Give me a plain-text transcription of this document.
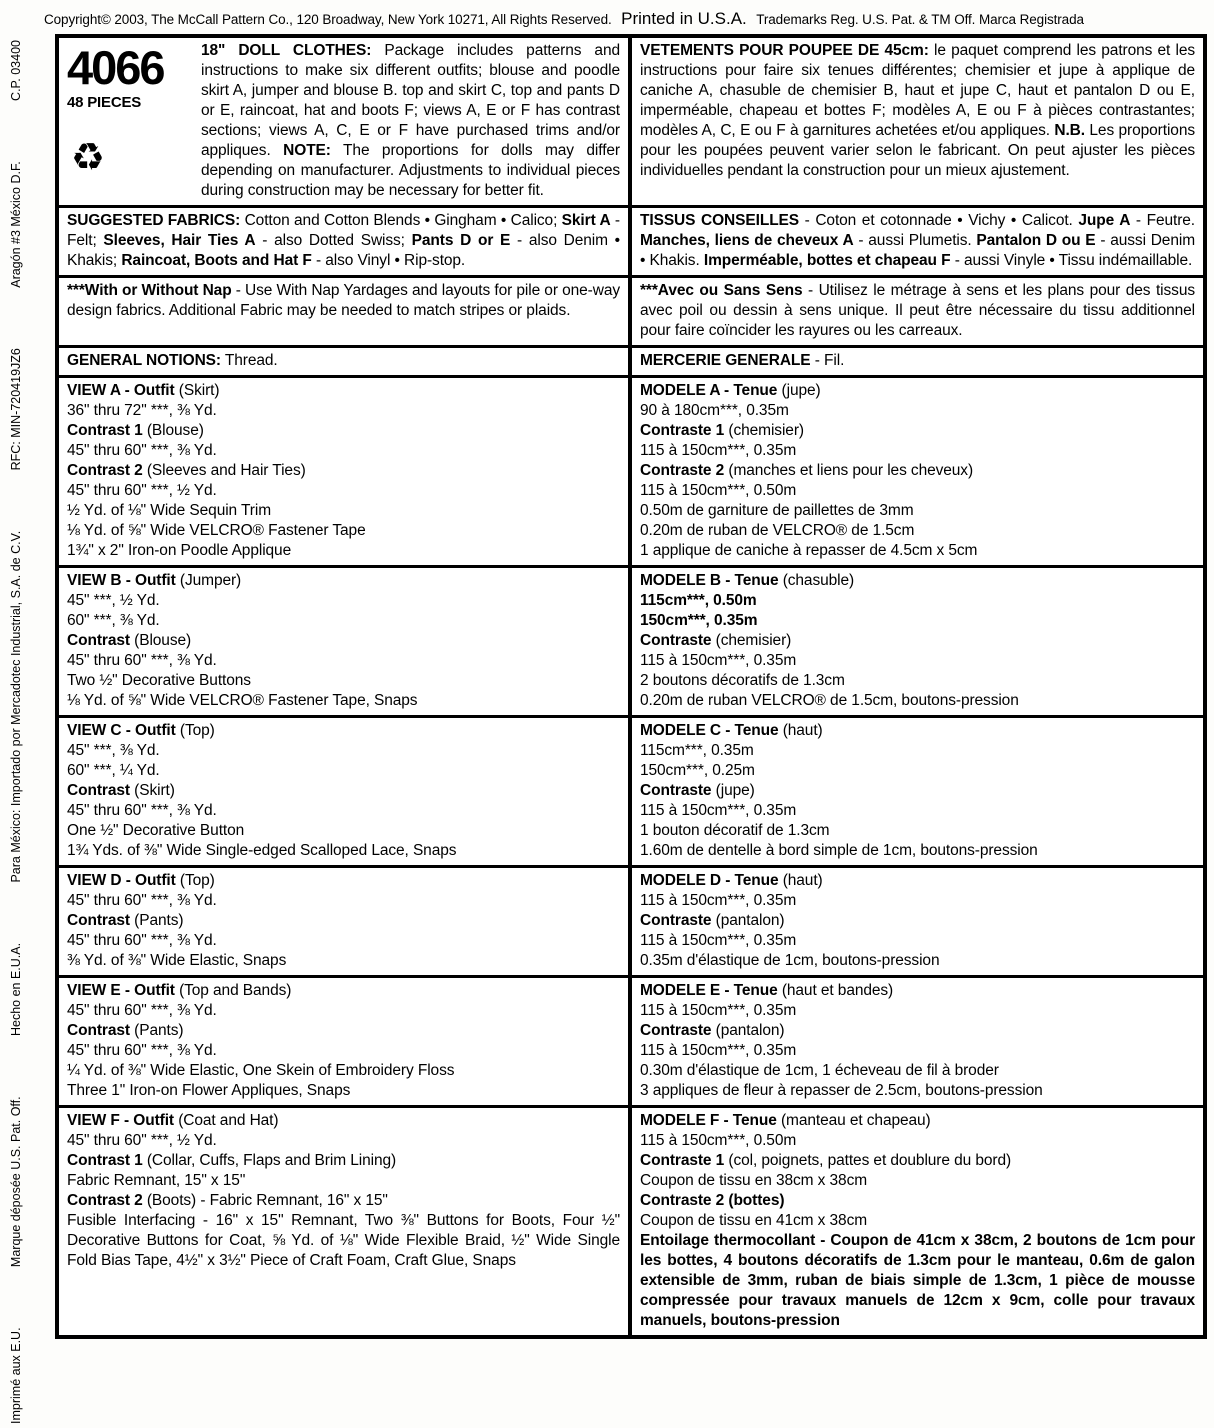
Copyright© 2003, The McCall Pattern Co., 120 Broadway, New York 10271, All Rights Reserved. Printed in U.S.A. Trademarks Reg. U.S. Pat. & TM Off. Marca Registrada
Imprimé aux E.U.
Marque déposée U.S. Pat. Off.
Hecho en E.U.A.
Para México: Importado por Mercadotec Industrial, S.A. de C.V.
RFC: MIN-720419JZ6
Aragón #3 México D.F.
C.P. 03400 4066
48 PIECES
♻
18" DOLL CLOTHES: Package includes patterns and instructions to make six different outfits; blouse and poodle skirt A, jumper and blouse B. top and skirt C, top and pants D or E, raincoat, hat and boots F; views A, E or F has contrast sections; views A, C, E or F have purchased trims and/or appliques. NOTE: The proportions for dolls may differ depending on manufacturer. Adjustments to individual pieces during construction may be necessary for better fit.
VETEMENTS POUR POUPEE DE 45cm: le paquet comprend les patrons et les instructions pour faire six tenues différentes; chemisier et jupe à applique de caniche A, chasuble de chemisier B, haut et jupe C, haut et pantalon D ou E, imperméable, chapeau et bottes F; modèles A, E ou F à pièces contrastantes; modèles A, C, E ou F à garnitures achetées et/ou appliques. N.B. Les proportions pour les poupées peuvent varier selon le fabricant. On peut ajuster les pièces individuelles pendant la construction pour un mieux ajustement.
SUGGESTED FABRICS: Cotton and Cotton Blends • Gingham • Calico; Skirt A - Felt; Sleeves, Hair Ties A - also Dotted Swiss; Pants D or E - also Denim • Khakis; Raincoat, Boots and Hat F - also Vinyl • Rip-stop.
TISSUS CONSEILLES - Coton et cotonnade • Vichy • Calicot. Jupe A - Feutre. Manches, liens de cheveux A - aussi Plumetis. Pantalon D ou E - aussi Denim • Khakis. Imperméable, bottes et chapeau F - aussi Vinyle • Tissu indémaillable.
***With or Without Nap - Use With Nap Yardages and layouts for pile or one-way design fabrics. Additional Fabric may be needed to match stripes or plaids.
***Avec ou Sans Sens - Utilisez le métrage à sens et les plans pour des tissus avec poil ou dessin à sens unique. Il peut être nécessaire du tissu additionnel pour faire coïncider les rayures ou les carreaux.
GENERAL NOTIONS: Thread.	MERCERIE GENERALE - Fil.
VIEW A - Outfit (Skirt)
36" thru 72" ***, ⅜ Yd.
Contrast 1 (Blouse)
45" thru 60" ***, ⅜ Yd.
Contrast 2 (Sleeves and Hair Ties)
45" thru 60" ***, ½ Yd.
½ Yd. of ⅛" Wide Sequin Trim
⅛ Yd. of ⅝" Wide VELCRO® Fastener Tape
1¾" x 2" Iron-on Poodle Applique
MODELE A - Tenue (jupe)
90 à 180cm***, 0.35m
Contraste 1 (chemisier)
115 à 150cm***, 0.35m
Contraste 2 (manches et liens pour les cheveux)
115 à 150cm***, 0.50m
0.50m de garniture de paillettes de 3mm
0.20m de ruban de VELCRO® de 1.5cm
1 applique de caniche à repasser de 4.5cm x 5cm
VIEW B - Outfit (Jumper)
45" ***, ½ Yd.
60" ***, ⅜ Yd.
Contrast (Blouse)
45" thru 60" ***, ⅜ Yd.
Two ½" Decorative Buttons
⅛ Yd. of ⅝" Wide VELCRO® Fastener Tape, Snaps
MODELE B - Tenue (chasuble)
115cm***, 0.50m
150cm***, 0.35m
Contraste (chemisier)
115 à 150cm***, 0.35m
2 boutons décoratifs de 1.3cm
0.20m de ruban VELCRO® de 1.5cm, boutons-pression
VIEW C - Outfit (Top)
45" ***, ⅜ Yd.
60" ***, ¼ Yd.
Contrast (Skirt)
45" thru 60" ***, ⅜ Yd.
One ½" Decorative Button
1¾ Yds. of ⅜" Wide Single-edged Scalloped Lace, Snaps
MODELE C - Tenue (haut)
115cm***, 0.35m
150cm***, 0.25m
Contraste (jupe)
115 à 150cm***, 0.35m
1 bouton décoratif de 1.3cm
1.60m de dentelle à bord simple de 1cm, boutons-pression
VIEW D - Outfit (Top)
45" thru 60" ***, ⅜ Yd.
Contrast (Pants)
45" thru 60" ***, ⅜ Yd.
⅜ Yd. of ⅜" Wide Elastic, Snaps
MODELE D - Tenue (haut)
115 à 150cm***, 0.35m
Contraste (pantalon)
115 à 150cm***, 0.35m
0.35m d'élastique de 1cm, boutons-pression
VIEW E - Outfit (Top and Bands)
45" thru 60" ***, ⅜ Yd.
Contrast (Pants)
45" thru 60" ***, ⅜ Yd.
¼ Yd. of ⅜" Wide Elastic, One Skein of Embroidery Floss
Three 1" Iron-on Flower Appliques, Snaps
MODELE E - Tenue (haut et bandes)
115 à 150cm***, 0.35m
Contraste (pantalon)
115 à 150cm***, 0.35m
0.30m d'élastique de 1cm, 1 écheveau de fil à broder
3 appliques de fleur à repasser de 2.5cm, boutons-pression
VIEW F - Outfit (Coat and Hat)
45" thru 60" ***, ½ Yd.
Contrast 1 (Collar, Cuffs, Flaps and Brim Lining)
Fabric Remnant, 15" x 15"
Contrast 2 (Boots) - Fabric Remnant, 16" x 15"
Fusible Interfacing - 16" x 15" Remnant, Two ⅜" Buttons for Boots, Four ½" Decorative Buttons for Coat, ⅝ Yd. of ⅛" Wide Flexible Braid, ½" Wide Single Fold Bias Tape, 4½" x 3½" Piece of Craft Foam, Craft Glue, Snaps
MODELE F - Tenue (manteau et chapeau)
115 à 150cm***, 0.50m
Contraste 1 (col, poignets, pattes et doublure du bord)
Coupon de tissu en 38cm x 38cm
Contraste 2 (bottes)
Coupon de tissu en 41cm x 38cm
Entoilage thermocollant - Coupon de 41cm x 38cm, 2 boutons de 1cm pour les bottes, 4 boutons décoratifs de 1.3cm pour le manteau, 0.6m de galon extensible de 3mm, ruban de biais simple de 1.3cm, 1 pièce de mousse compressée pour travaux manuels de 12cm x 9cm, colle pour travaux manuels, boutons-pression
